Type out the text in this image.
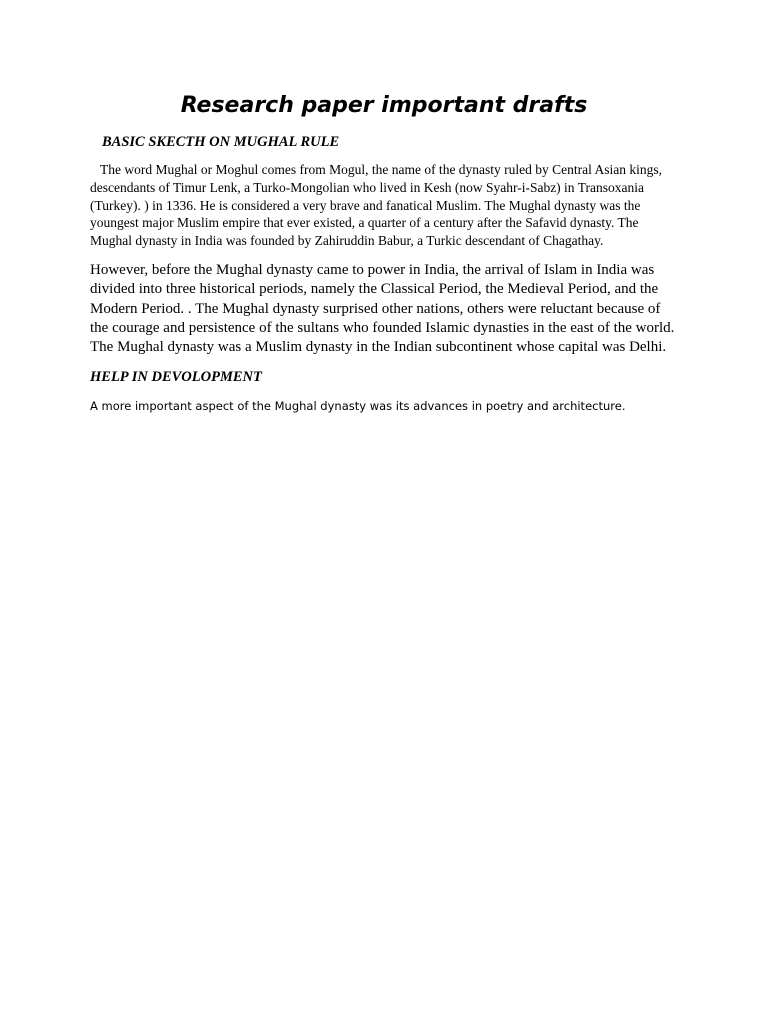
Research paper important drafts
BASIC SKECTH ON MUGHAL RULE

The word Mughal or Moghul comes from Mogul, the name of the dynasty ruled by Central Asian kings,
descendants of Timur Lenk, a Turko-Mongolian who lived in Kesh (now Syahr-i-Sabz) in Transoxania
(Turkey). ) in 1336. He is considered a very brave and fanatical Muslim. The Mughal dynasty was the
youngest major Muslim empire that ever existed, a quarter of a century after the Safavid dynasty. The
Mughal dynasty in India was founded by Zahiruddin Babur, a Turkic descendant of Chagathay.

However, before the Mughal dynasty came to power in India, the arrival of Islam in India was
divided into three historical periods, namely the Classical Period, the Medieval Period, and the
Modern Period. . The Mughal dynasty surprised other nations, others were reluctant because of
the courage and persistence of the sultans who founded Islamic dynasties in the east of the world.
The Mughal dynasty was a Muslim dynasty in the Indian subcontinent whose capital was Delhi.

HELP IN DEVOLOPMENT

A more important aspect of the Mughal dynasty was its advances in poetry and architecture.
